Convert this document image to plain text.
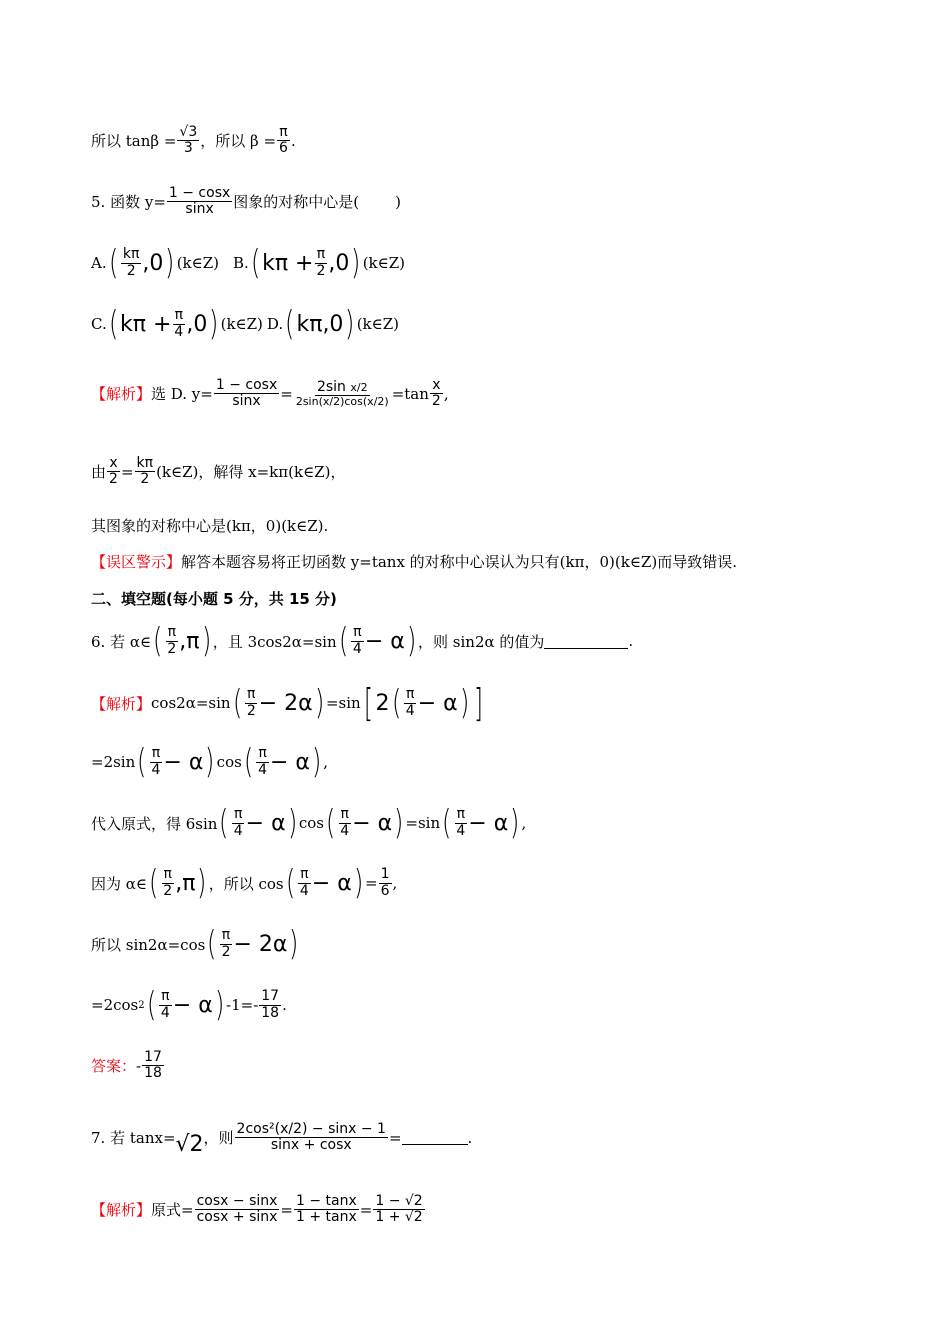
所以 $\tan\beta = \frac{√3}{3}$ ，所以 $\beta = \frac{\pi}{6}$ .
5. 函数 $y= \frac{1 - \cos x}{\sin x}$ 图象的对称中心是( )
A. ( $\frac{k\pi}{2} ,0$ ) (k∈Z) B. ( $k\pi + \frac{\pi}{2} ,0$ ) (k∈Z)
C. ( $k\pi + \frac{\pi}{4} ,0$ ) (k∈Z) D. ( kπ,0 ) (k∈Z)
【解析】 选 D. $y= \frac{1 - \cos x}{\sin x} = \frac{\text{2sin x/2}}{2\sin(x/2)\cos(x/2)} =\tan \frac{x}{2}$ ,
由 $\frac{x}{2} = \frac{k\pi}{2}$ (k∈Z)，解得 x=kπ(k∈Z)，
其图象的对称中心是(kπ，0)(k∈Z).
【误区警示】 解答本题容易将正切函数 y=tanx 的对称中心误认为只有(kπ，0)(k∈Z)而导致错误.
二、填空题(每小题 5 分，共 15 分)
6. 若 α∈ ( $\frac{\pi}{2} ,\pi$ ) ，且 3cos2α=sin ( $\frac{\pi}{4} - \alpha$ ) ，则 sin2α 的值为	.
【解析】 cos2α=sin ( $\frac{\pi}{2} - 2\alpha$ ) =sin [ 2 ( $\frac{\pi}{4} - \alpha$ ) ]
=2sin ( $\frac{\pi}{4} - \alpha$ ) cos ( $\frac{\pi}{4} - \alpha$ ) ,
代入原式，得 6sin ( $\frac{\pi}{4} - \alpha$ ) cos ( $\frac{\pi}{4} - \alpha$ ) =sin ( $\frac{\pi}{4} - \alpha$ ) ,
因为 α∈ ( $\frac{\pi}{2} ,\pi$ ) ，所以 cos ( $\frac{\pi}{4} - \alpha$ ) = $\frac{1}{6}$ ,
所以 sin2α=cos ( $\frac{\pi}{2} - 2\alpha$ )
=2cos 2 ( $\frac{\pi}{4} - \alpha$ ) $-1=- \frac{17}{18}$ .
答案： - $\frac{17}{18}$
7. 若 tanx= √2 ，则 $\frac{\text{2cos²(x/2) − sinx − 1}}{\sin x + \cos x}$ =	.
【解析】 原式= $\frac{\cos x - \sin x}{\cos x + \sin x} = \frac{1 - \tan x}{1 + \tan x} = \frac{1 - √2}{1 + √2}$
